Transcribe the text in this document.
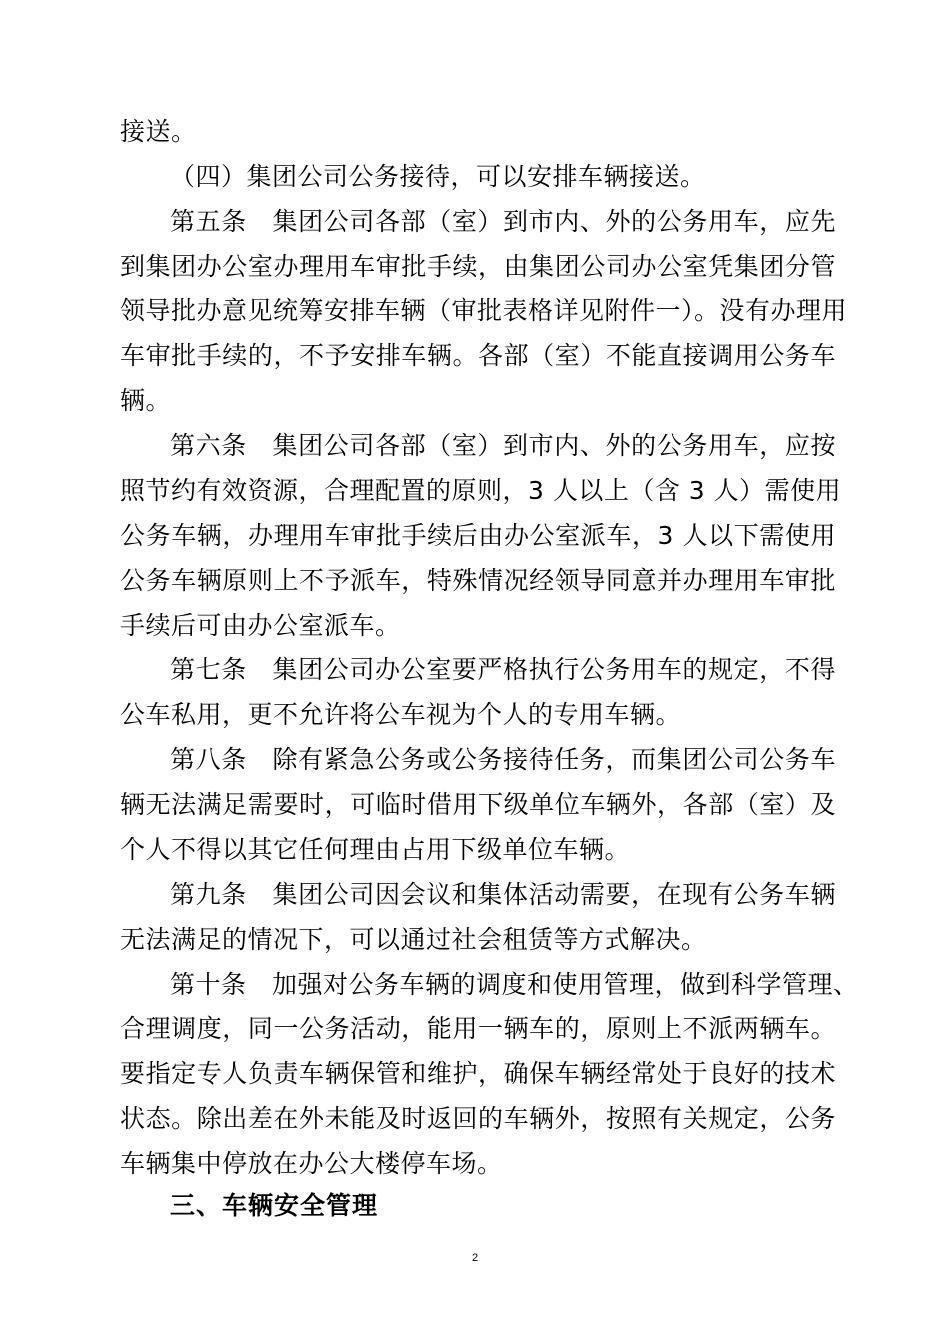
接送。
（四）集团公司公务接待，可以安排车辆接送。
第五条　集团公司各部（室）到市内、外的公务用车，应先
到集团办公室办理用车审批手续，由集团公司办公室凭集团分管
领导批办意见统筹安排车辆（审批表格详见附件一）。没有办理用
车审批手续的，不予安排车辆。各部（室）不能直接调用公务车
辆。
第六条　集团公司各部（室）到市内、外的公务用车，应按
照节约有效资源，合理配置的原则，3 人以上（含 3 人）需使用
公务车辆，办理用车审批手续后由办公室派车，3 人以下需使用
公务车辆原则上不予派车，特殊情况经领导同意并办理用车审批
手续后可由办公室派车。
第七条　集团公司办公室要严格执行公务用车的规定，不得
公车私用，更不允许将公车视为个人的专用车辆。
第八条　除有紧急公务或公务接待任务，而集团公司公务车
辆无法满足需要时，可临时借用下级单位车辆外，各部（室）及
个人不得以其它任何理由占用下级单位车辆。
第九条　集团公司因会议和集体活动需要，在现有公务车辆
无法满足的情况下，可以通过社会租赁等方式解决。
第十条　加强对公务车辆的调度和使用管理，做到科学管理、
合理调度，同一公务活动，能用一辆车的，原则上不派两辆车。
要指定专人负责车辆保管和维护，确保车辆经常处于良好的技术
状态。除出差在外未能及时返回的车辆外，按照有关规定，公务
三、车辆安全管理
2
车辆集中停放在办公大楼停车场。
